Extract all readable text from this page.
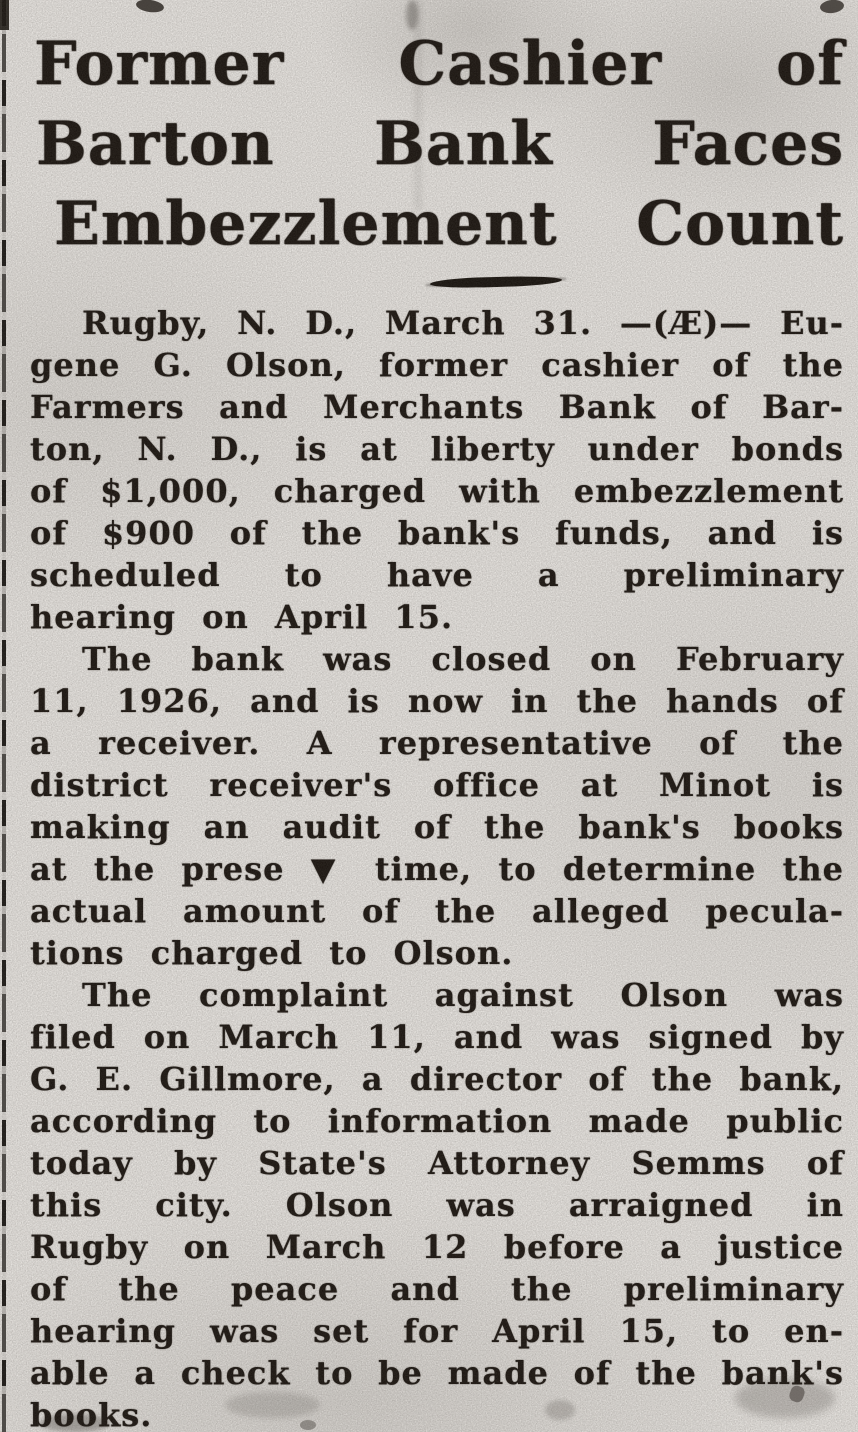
Former Cashier of
Barton Bank Faces
Embezzlement Count
Rugby, N. D., March 31. —(Æ)— Eu-
gene G. Olson, former cashier of the
Farmers and Merchants Bank of Bar-
ton, N. D., is at liberty under bonds
of $1,000, charged with embezzlement
of $900 of the bank's funds, and is
scheduled to have a preliminary
hearing on April 15.
The bank was closed on February
11, 1926, and is now in the hands of
a receiver. A representative of the
district receiver's office at Minot is
making an audit of the bank's books
at the prese ▼ time, to determine the
actual amount of the alleged pecula-
tions charged to Olson.
The complaint against Olson was
filed on March 11, and was signed by
G. E. Gillmore, a director of the bank,
according to information made public
today by State's Attorney Semms of
this city. Olson was arraigned in
Rugby on March 12 before a justice
of the peace and the preliminary
hearing was set for April 15, to en-
able a check to be made of the bank's
books.
